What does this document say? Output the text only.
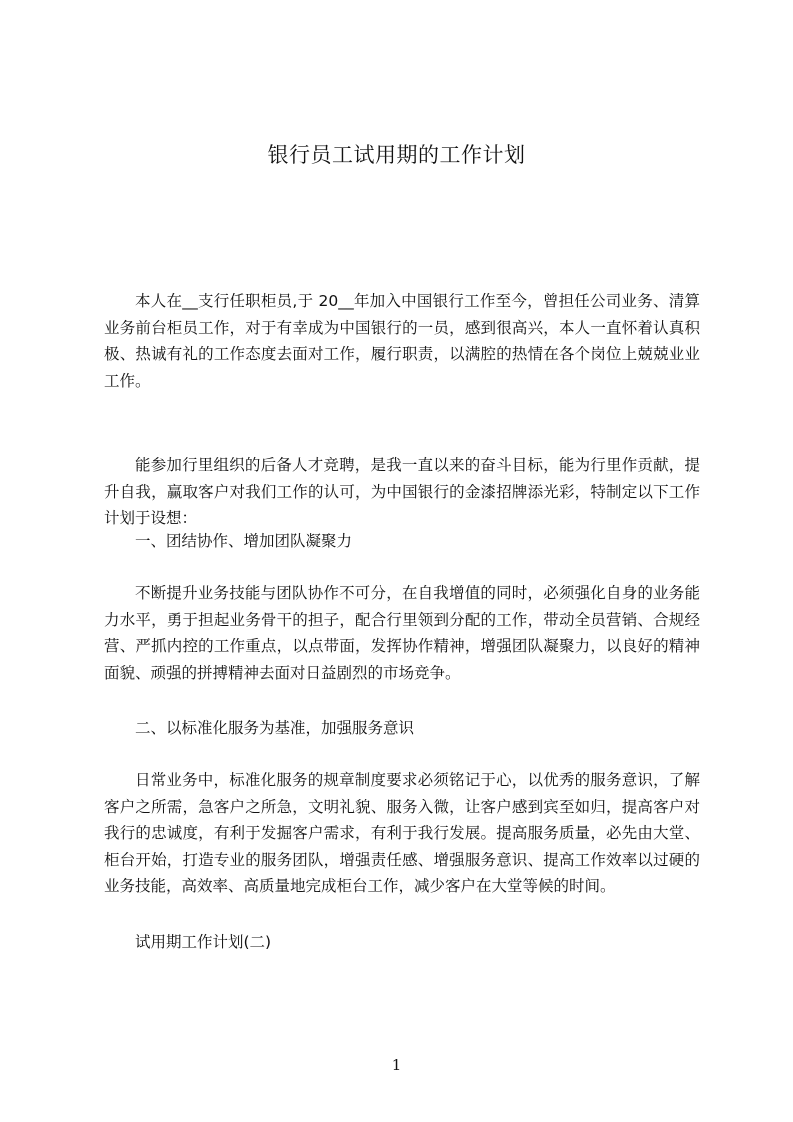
银行员工试用期的工作计划

本人在__支行任职柜员,于 20__年加入中国银行工作至今，曾担任公司业务、清算业务前台柜员工作，对于有幸成为中国银行的一员，感到很高兴，本人一直怀着认真积极、热诚有礼的工作态度去面对工作，履行职责，以满腔的热情在各个岗位上兢兢业业工作。

能参加行里组织的后备人才竞聘，是我一直以来的奋斗目标，能为行里作贡献，提升自我，赢取客户对我们工作的认可，为中国银行的金漆招牌添光彩，特制定以下工作计划于设想：

一、团结协作、增加团队凝聚力

不断提升业务技能与团队协作不可分，在自我增值的同时，必须强化自身的业务能力水平，勇于担起业务骨干的担子，配合行里领到分配的工作，带动全员营销、合规经营、严抓内控的工作重点，以点带面，发挥协作精神，增强团队凝聚力，以良好的精神面貌、顽强的拼搏精神去面对日益剧烈的市场竞争。

二、以标准化服务为基准，加强服务意识

日常业务中，标准化服务的规章制度要求必须铭记于心，以优秀的服务意识，了解客户之所需，急客户之所急，文明礼貌、服务入微，让客户感到宾至如归，提高客户对我行的忠诚度，有利于发掘客户需求，有利于我行发展。提高服务质量，必先由大堂、柜台开始，打造专业的服务团队，增强责任感、增强服务意识、提高工作效率以过硬的业务技能，高效率、高质量地完成柜台工作，减少客户在大堂等候的时间。

试用期工作计划(二)

1
